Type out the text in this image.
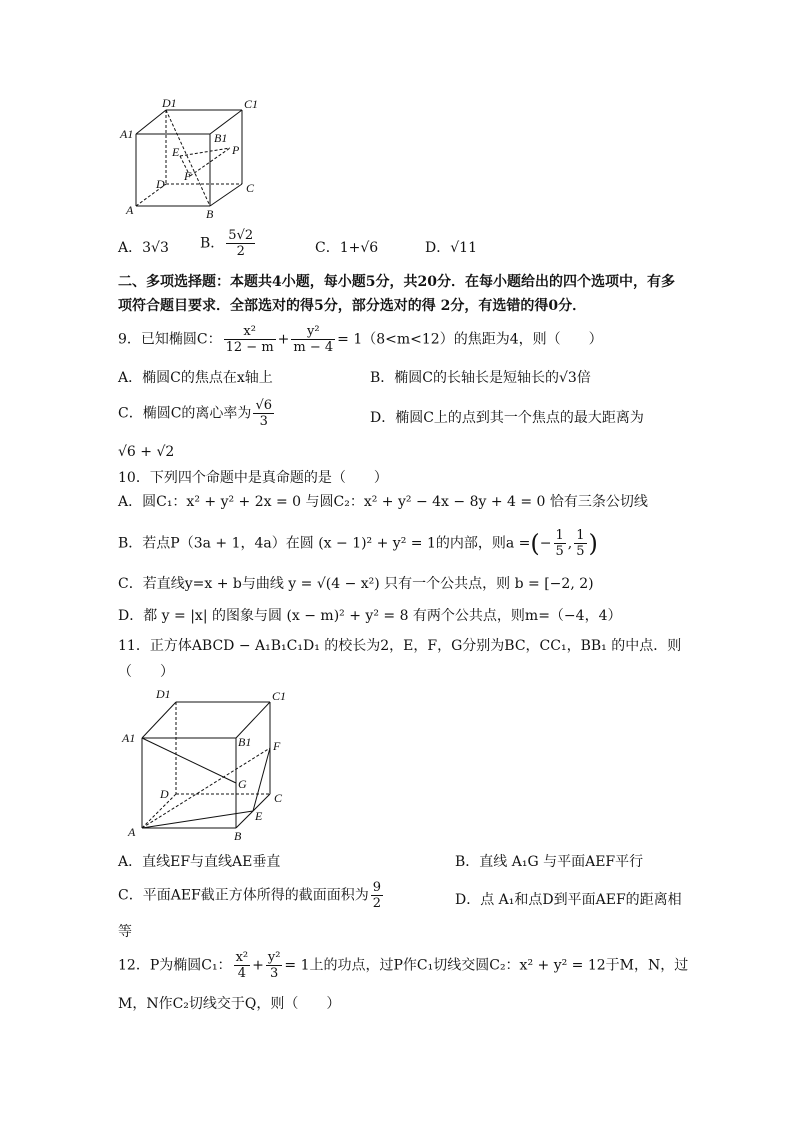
D1	C1
A1	B1
E	P
F
D	C
A	B
A．3√3 B． $\frac{5√2}{2}$	C．1+√6	D．√11
二、多项选择题：本题共4小题，每小题5分，共20分．在每小题给出的四个选项中，有多
项符合题目要求．全部选对的得5分，部分选对的得 2分，有选错的得0分．
9．已知椭圆C： $\frac{\text{x²}}{12 - m} + \frac{\text{y²}}{m - 4} = 1(8<m<12)$的焦距为4，则（　　）
A．椭圆C的焦点在x轴上	B．椭圆C的长轴长是短轴长的√3倍
C．椭圆C的离心率为 $\frac{√6}{3}$	D．椭圆C上的点到其一个焦点的最大距离为
√6 + √2
10．下列四个命题中是真命题的是（　　）
A．圆C₁：x² + y² + 2x = 0 与圆C₂：x² + y² − 4x − 8y + 4 = 0 恰有三条公切线
B．若点P（3a + 1，4a）在圆 (x − 1)² + y² = 1的内部，则a =(− $\frac{1}{5}$ , $\frac{1}{5}$ )
C．若直线y=x + b与曲线 y = √(4 − x²) 只有一个公共点，则 b = [−2, 2)
D．都 y = |x| 的图象与圆 (x − m)² + y² = 8 有两个公共点，则m=（−4，4）
11．正方体ABCD − A₁B₁C₁D₁ 的校长为2，E，F，G分别为BC，CC₁，BB₁ 的中点．则
（　　）
D1	C1
A1	B1 F
G
D	C
E
A	B
A．直线EF与直线AE垂直	B．直线 A₁G 与平面AEF平行
C．平面AEF截正方体所得的截面面积为 $\frac{9}{2}$	D．点 A₁和点D到平面AEF的距离相
等
12．P为椭圆C₁： $\frac{\text{x²}}{4} + \frac{\text{y²}}{3} = 1$上的功点，过P作C₁切线交圆C₂：x² + y² = 12于M，N，过
M，N作C₂切线交于Q，则（　　）
